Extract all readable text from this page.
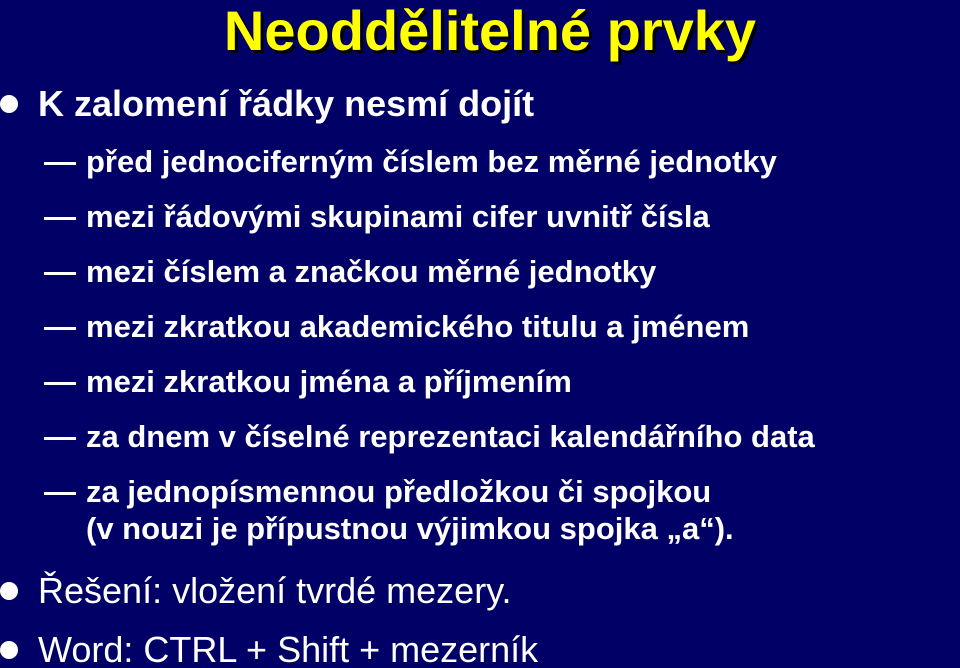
Neoddělitelné prvky
K zalomení řádky nesmí dojít
před jednociferným číslem bez měrné jednotky
mezi řádovými skupinami cifer uvnitř čísla
mezi číslem a značkou měrné jednotky
mezi zkratkou akademického titulu a jménem
mezi zkratkou jména a příjmením
za dnem v číselné reprezentaci kalendářního data
za jednopísmennou předložkou či spojkou
(v nouzi je přípustnou výjimkou spojka „a“).
Řešení: vložení tvrdé mezery.
Word: CTRL + Shift + mezerník
